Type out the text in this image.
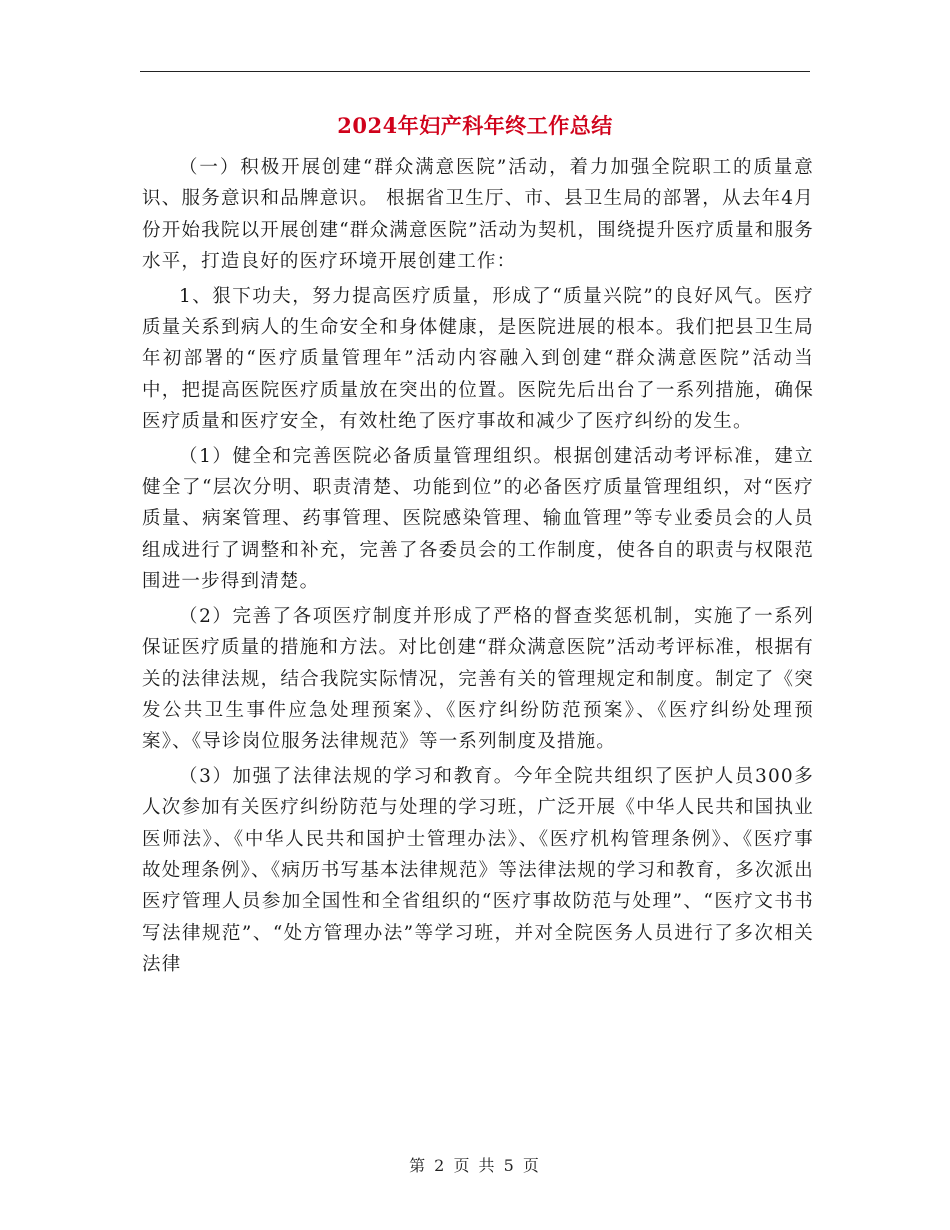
2024年妇产科年终工作总结

（一）积极开展创建“群众满意医院”活动，着力加强全院职工的质量意识、服务意识和品牌意识。 根据省卫生厅、市、县卫生局的部署，从去年4月份开始我院以开展创建“群众满意医院”活动为契机，围绕提升医疗质量和服务水平，打造良好的医疗环境开展创建工作：

1、狠下功夫，努力提高医疗质量，形成了“质量兴院”的良好风气。医疗质量关系到病人的生命安全和身体健康，是医院进展的根本。我们把县卫生局年初部署的“医疗质量管理年”活动内容融入到创建“群众满意医院”活动当中，把提高医院医疗质量放在突出的位置。医院先后出台了一系列措施，确保医疗质量和医疗安全，有效杜绝了医疗事故和减少了医疗纠纷的发生。

（1）健全和完善医院必备质量管理组织。根据创建活动考评标准，建立健全了“层次分明、职责清楚、功能到位”的必备医疗质量管理组织，对“医疗质量、病案管理、药事管理、医院感染管理、输血管理”等专业委员会的人员组成进行了调整和补充，完善了各委员会的工作制度，使各自的职责与权限范围进一步得到清楚。

（2）完善了各项医疗制度并形成了严格的督查奖惩机制，实施了一系列保证医疗质量的措施和方法。对比创建“群众满意医院”活动考评标准，根据有关的法律法规，结合我院实际情况，完善有关的管理规定和制度。制定了《突发公共卫生事件应急处理预案》、《医疗纠纷防范预案》、《医疗纠纷处理预案》、《导诊岗位服务法律规范》等一系列制度及措施。

（3）加强了法律法规的学习和教育。今年全院共组织了医护人员300多人次参加有关医疗纠纷防范与处理的学习班，广泛开展《中华人民共和国执业医师法》、《中华人民共和国护士管理办法》、《医疗机构管理条例》、《医疗事故处理条例》、《病历书写基本法律规范》等法律法规的学习和教育，多次派出医疗管理人员参加全国性和全省组织的“医疗事故防范与处理”、“医疗文书书写法律规范”、“处方管理办法”等学习班，并对全院医务人员进行了多次相关法律

第 2 页 共 5 页
